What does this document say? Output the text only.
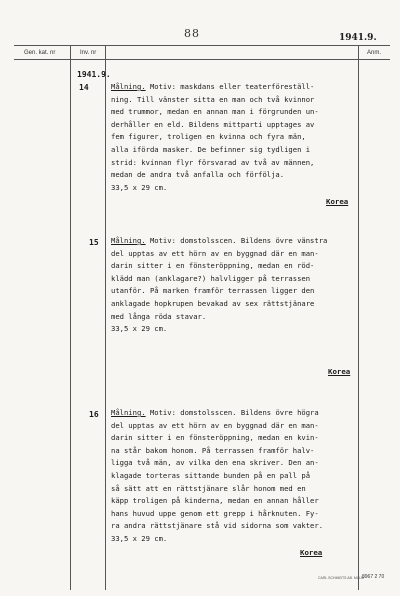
88	1941.9.
Gen. kat. nr	Inv. nr	Anm.
1941.9.
14	Målning. Motiv: maskdans eller teaterföreställ-
ning. Till vänster sitta en man och två kvinnor
med trummor, medan en annan man i förgrunden un-
derhåller en eld. Bildens mittparti upptages av
fem figurer, troligen en kvinna och fyra män,
alla iförda masker. De befinner sig tydligen i
strid: kvinnan flyr försvarad av två av männen,
medan de andra två anfalla och förfölja.
33,5 x 29 cm.
Korea
15 Målning. Motiv: domstolsscen. Bildens övre vänstra
del upptas av ett hörn av en byggnad där en man-
darin sitter i en fönsteröppning, medan en röd-
klädd man (anklagare?) halvligger på terrassen
utanför. På marken framför terrassen ligger den
anklagade hopkrupen bevakad av sex rättstjänare
med långa röda stavar.
33,5 x 29 cm.
Korea
16 Målning. Motiv: domstolsscen. Bildens övre högra
del upptas av ett hörn av en byggnad där en man-
darin sitter i en fönsteröppning, medan en kvin-
na står bakom honom. På terrassen framför halv-
ligga två män, av vilka den ena skriver. Den an-
klagade torteras sittande bunden på en pall på
så sätt att en rättstjänare slår honom med en
käpp troligen på kinderna, medan en annan håller
hans huvud uppe genom ett grepp i hårknuten. Fy-
ra andra rättstjänare stå vid sidorna som vakter.
33,5 x 29 cm.
Korea
CARL SCHMIDTS AB. MALM
8967 2 70
